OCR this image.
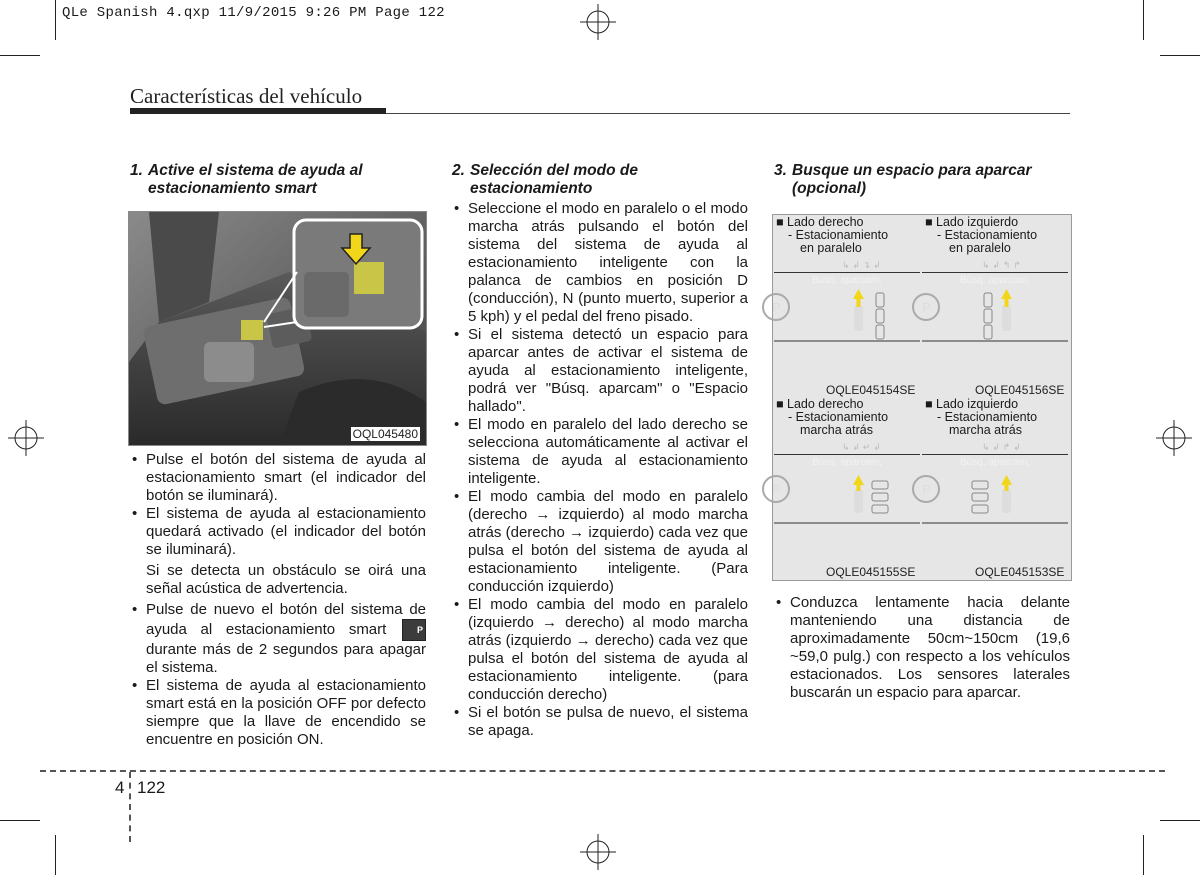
QLe Spanish 4.qxp 11/9/2015 9:26 PM Page 122
Características del vehículo
1. Active el sistema de ayuda al
estacionamiento smart
OQL045480
• Pulse el botón del sistema de ayuda al estacionamiento smart (el indicador del botón se iluminará).
• El sistema de ayuda al estacionamiento quedará activado (el indicador del botón se iluminará).
Si se detecta un obstáculo se oirá una señal acústica de advertencia.
• Pulse de nuevo el botón del sistema de ayuda al estacionamiento smart	P
durante más de 2 segundos para apagar el sistema.
• El sistema de ayuda al estacionamiento smart está en la posición OFF por defecto siempre que la llave de encendido se encuentre en posición ON.
2. Selección del modo de
estacionamiento
• Seleccione el modo en paralelo o el modo marcha atrás pulsando el botón del sistema del sistema de ayuda al estacionamiento inteligente con la palanca de cambios en posición D (conducción), N (punto muerto, superior a 5 kph) y el pedal del freno pisado.
• Si el sistema detectó un espacio para aparcar antes de activar el sistema de ayuda al estacionamiento inteligente, podrá ver "Búsq. aparcam" o "Espacio hallado".
• El modo en paralelo del lado derecho se selecciona automáticamente al activar el sistema de ayuda al estacionamiento inteligente.
• El modo cambia del modo en paralelo (derecho → izquierdo) al modo marcha atrás (derecho → izquierdo) cada vez que pulsa el botón del sistema de ayuda al estacionamiento inteligente. (Para conducción izquierdo)
• El modo cambia del modo en paralelo (izquierdo → derecho) al modo marcha atrás (izquierdo → derecho) cada vez que pulsa el botón del sistema de ayuda al estacionamiento inteligente. (para conducción derecho)
• Si el botón se pulsa de nuevo, el sistema se apaga.
3. Busque un espacio para aparcar
(opcional)
■ Lado derecho
- Estacionamiento
en paralelo
■ Lado izquierdo
- Estacionamiento
en paralelo
■ Lado derecho
- Estacionamiento
marcha atrás
■ Lado izquierdo
- Estacionamiento
marcha atrás
Búsq. aparcam,
↳ ↲ ↴ ↲
P
Búsq. aparcam,
↳ ↲ ↰ ↱
P
Búsq. aparcam,
↳ ↲ ↵ ↲
P
Búsq. aparcam,
↳ ↲ ↱ ↲
P
OQLE045154SE	OQLE045156SE
OQLE045155SE	OQLE045153SE
• Conduzca lentamente hacia delante manteniendo una distancia de aproximadamente 50cm~150cm (19,6 ~59,0 pulg.) con respecto a los vehículos estacionados. Los sensores laterales buscarán un espacio para aparcar.
4 122
